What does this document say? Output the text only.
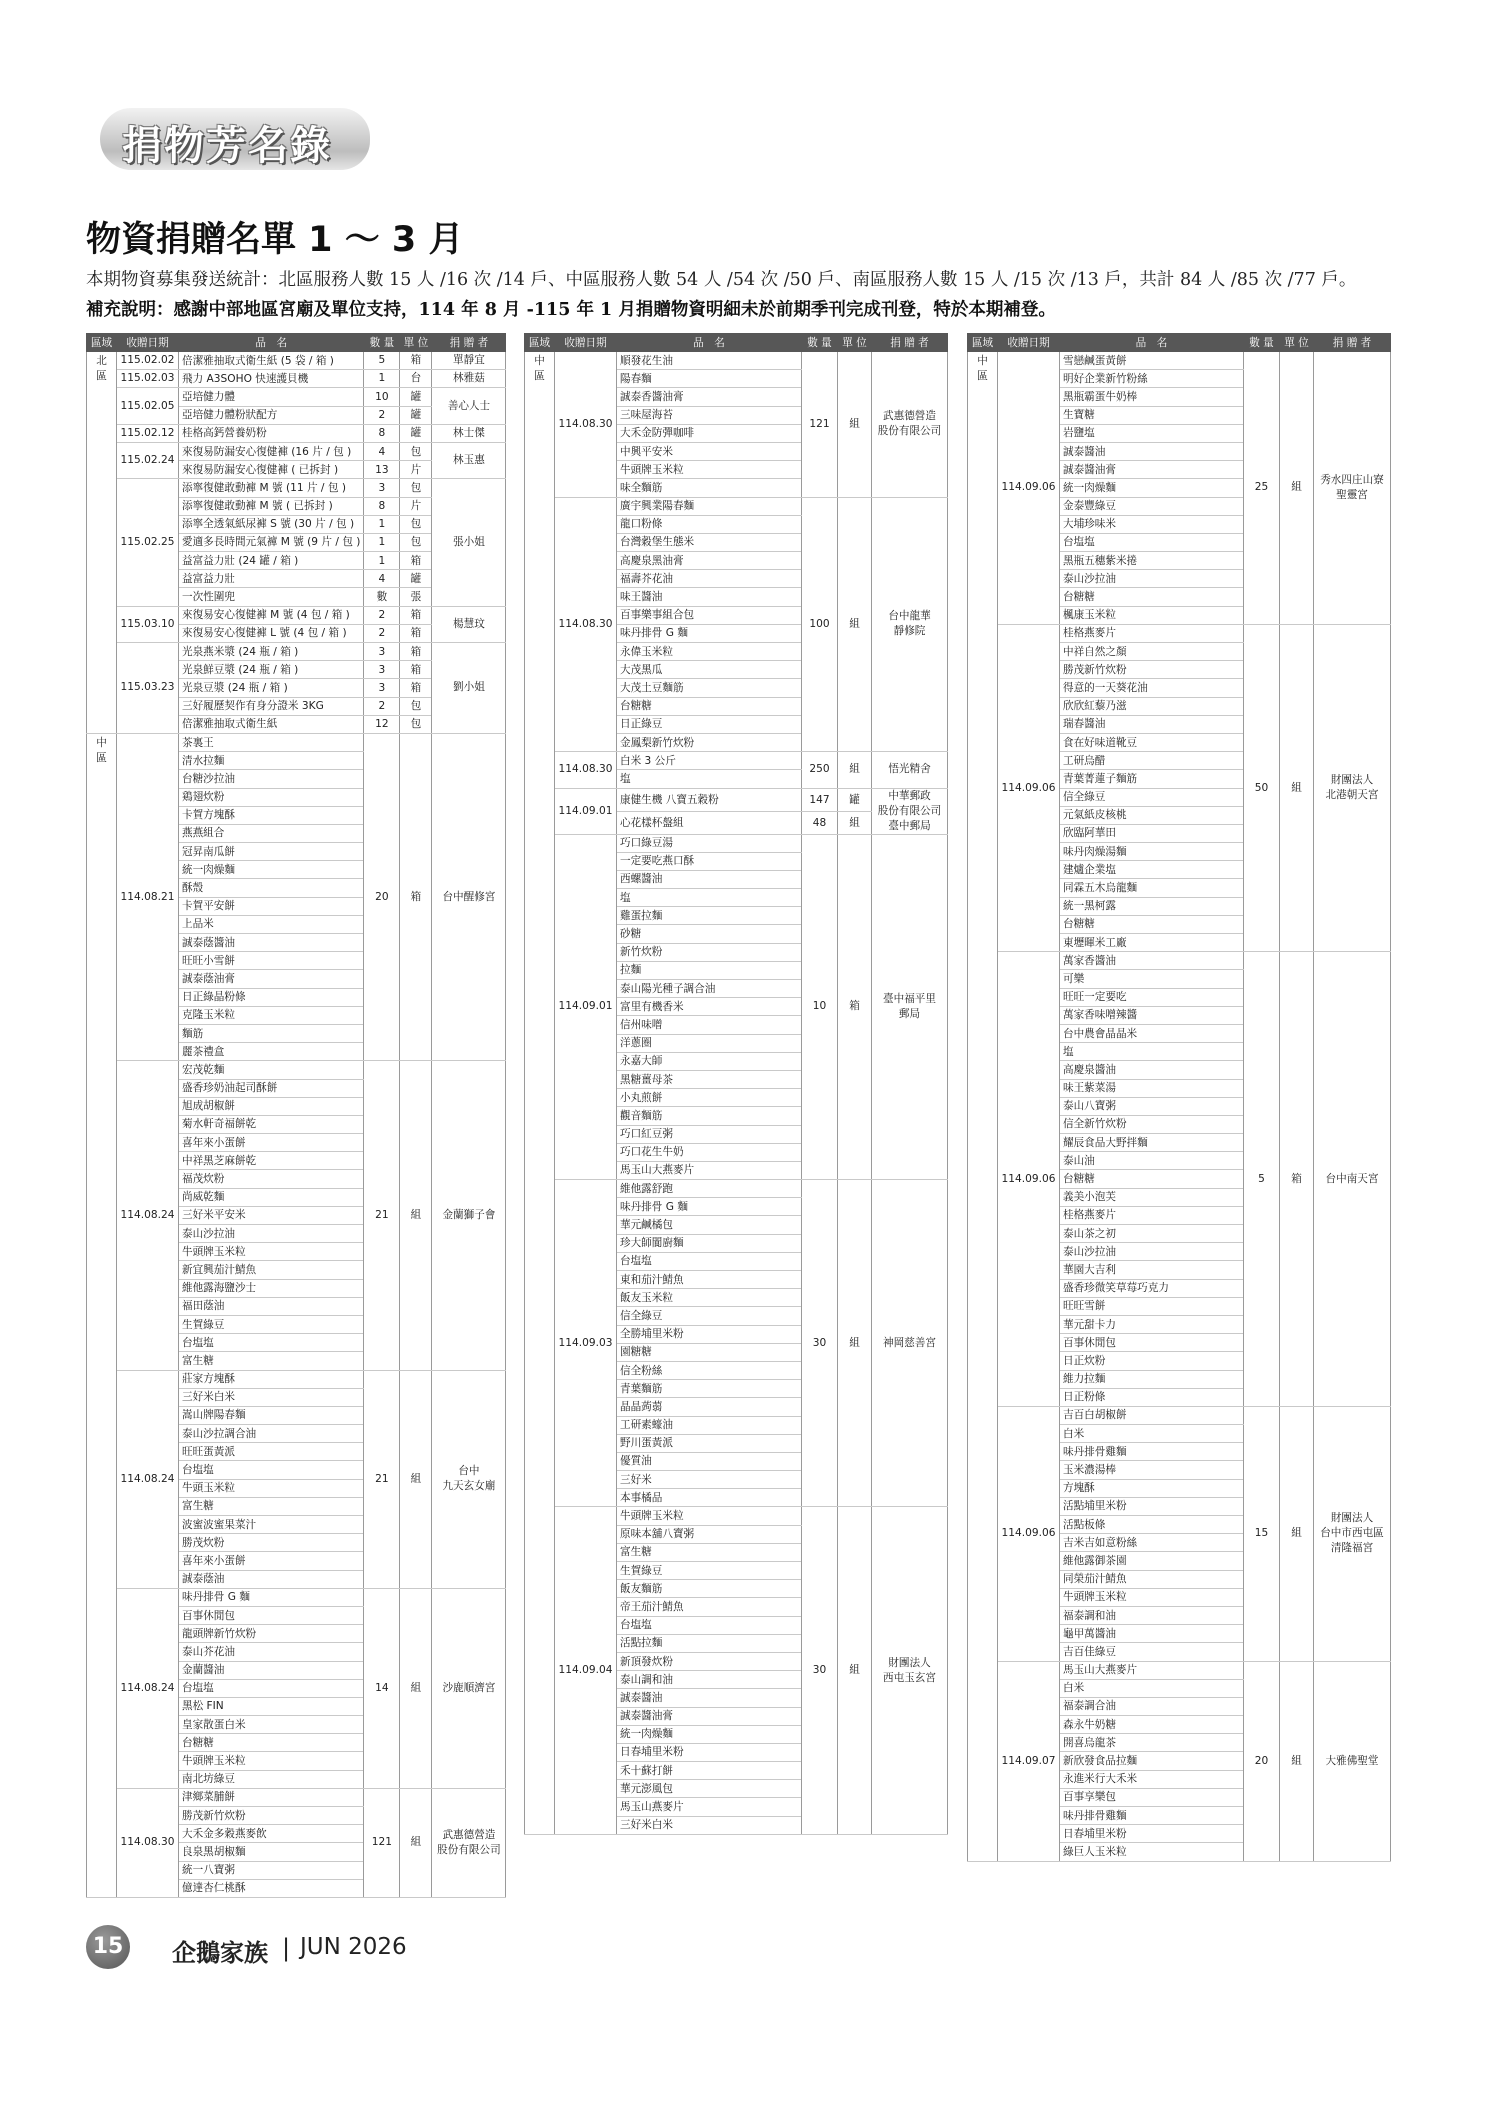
捐物芳名錄
物資捐贈名單 1 ～ 3 月
本期物資募集發送統計：北區服務人數 15 人 /16 次 /14 戶、中區服務人數 54 人 /54 次 /50 戶、南區服務人數 15 人 /15 次 /13 戶，共計 84 人 /85 次 /77 戶。
補充說明：感謝中部地區宮廟及單位支持，114 年 8 月 -115 年 1 月捐贈物資明細未於前期季刊完成刊登，特於本期補登。
區域	收贈日期	品　名	數 量	單 位	捐 贈 者
北
區	115.02.02	倍潔雅抽取式衛生紙 (5 袋 / 箱 )	5	箱	單靜宜
	115.02.03	飛力 A3SOHO 快速護貝機	1	台	林雅菇
	115.02.05	亞培健力體	10	罐	善心人士
		亞培健力體粉狀配方	2	罐	
	115.02.12	桂格高鈣營養奶粉	8	罐	林士傑
	115.02.24	來復易防漏安心復健褲 (16 片 / 包 )	4	包	林玉惠
		來復易防漏安心復健褲 ( 已拆封 )	13	片	
	115.02.25	添寧復健敢動褲 M 號 (11 片 / 包 )	3	包	張小姐
		添寧復健敢動褲 M 號 ( 已拆封 )	8	片	
		添寧全透氣紙尿褲 S 號 (30 片 / 包 )	1	包	
		愛適多長時間元氣褲 M 號 (9 片 / 包 )	1	包	
		益富益力壯 (24 罐 / 箱 )	1	箱	
		益富益力壯	4	罐	
		一次性圍兜	數	張	
	115.03.10	來復易安心復健褲 M 號 (4 包 / 箱 )	2	箱	楊慧玟
		來復易安心復健褲 L 號 (4 包 / 箱 )	2	箱	
	115.03.23	光泉燕米漿 (24 瓶 / 箱 )	3	箱	劉小姐
		光泉鮮豆漿 (24 瓶 / 箱 )	3	箱	
		光泉豆漿 (24 瓶 / 箱 )	3	箱	
		三好履歷契作有身分證米 3KG	2	包	
		倍潔雅抽取式衛生紙	12	包	
中
區	114.08.21	茶裏王	20	箱	台中醒修宮
		清水拉麵			
		台糖沙拉油			
		鶏翅炊粉			
		卡賀方塊酥			
		燕燕組合			
		冠昇南瓜餅			
		統一肉燥麵			
		酥殼			
		卡賀平安餅			
		上品米			
		誠泰蔭醬油			
		旺旺小雪餅			
		誠泰蔭油膏			
		日正綠晶粉條			
		克隆玉米粒			
		麵筋			
		麗茶禮盒			
	114.08.24	宏茂乾麵	21	組	金蘭獅子會
		盛香珍奶油起司酥餅			
		旭成胡椒餅			
		菊水軒奇福餅乾			
		喜年來小蛋餅			
		中祥黑芝麻餅乾			
		福茂炊粉			
		尚威乾麵			
		三好米平安米			
		泰山沙拉油			
		牛頭牌玉米粒			
		新宜興茄汁鯖魚			
		維他露海鹽沙士			
		福田蔭油			
		生賀綠豆			
		台塩塩			
		富生糖			
	114.08.24	莊家方塊酥	21	組	台中
九天玄女廟
		三好米白米			
		嵩山牌陽春麵			
		泰山沙拉調合油			
		旺旺蛋黃派			
		台塩塩			
		牛頭玉米粒			
		富生糖			
		波蜜波蜜果菜汁			
		勝茂炊粉			
		喜年來小蛋餅			
		誠泰蔭油			
	114.08.24	味丹排骨 G 麵	14	組	沙鹿順濟宮
		百事休閒包			
		龍頭牌新竹炊粉			
		泰山芥花油			
		金蘭醬油			
		台塩塩			
		黑松 FIN			
		皇家散蛋白米			
		台糖糖			
		牛頭牌玉米粒			
		南北坊綠豆			
	114.08.30	津鄉菜脯餅	121	組	武惠德營造
股份有限公司
		勝茂新竹炊粉			
		大禾金多穀燕麥飲			
		良泉黑胡椒麵			
		統一八寶粥			
		億達杏仁桃酥			
區域	收贈日期	品　名	數 量	單 位	捐 贈 者
中
區	114.08.30	順發花生油	121	組	武惠德營造
股份有限公司
		陽春麵			
		誠泰香醬油膏			
		三味屋海苔			
		大禾金防彈咖啡			
		中興平安米			
		牛頭牌玉米粒			
		味全麵筋			
	114.08.30	廣宇興業陽春麵	100	組	台中龍華
靜修院
		龍口粉條			
		台灣穀堡生態米			
		高慶泉黑油膏			
		福壽芥花油			
		味王醬油			
		百事樂事組合包			
		味丹排骨 G 麵			
		永偉玉米粒			
		大茂黑瓜			
		大茂土豆麵筋			
		台糖糖			
		日正綠豆			
		金鳳梨新竹炊粉			
	114.08.30	白米 3 公斤	250	組	悟光精舍
		塩			
	114.09.01	康健生機 八寶五穀粉	147	罐	中華郵政
股份有限公司
臺中郵局
		心花樣杯盤組	48	組	
	114.09.01	巧口綠豆湯	10	箱	臺中福平里
郵局
		一定要吃燕口酥			
		西螺醬油			
		塩			
		雞蛋拉麵			
		砂糖			
		新竹炊粉			
		拉麵			
		泰山陽光種子調合油			
		富里有機香米			
		信州味噌			
		洋蔥圈			
		永嘉大師			
		黑糖薑母茶			
		小丸煎餅			
		觀音麵筋			
		巧口紅豆粥			
		巧口花生牛奶			
		馬玉山大燕麥片			
	114.09.03	維他露舒跑	30	組	神岡慈善宮
		味丹排骨 G 麵			
		華元鹹橘包			
		珍大師閬廚麵			
		台塩塩			
		東和茄汁鯖魚			
		飯友玉米粒			
		信全綠豆			
		全勝埔里米粉			
		園糖糖			
		信全粉絲			
		青葉麵筋			
		晶晶蒟蒻			
		工研素蠔油			
		野川蛋黃派			
		優質油			
		三好米			
		本事橘品			
	114.09.04	牛頭牌玉米粒	30	組	財團法人
西屯玉玄宮
		原味本舖八寶粥			
		富生糖			
		生賀綠豆			
		飯友麵筋			
		帝王茄汁鯖魚			
		台塩塩			
		活點拉麵			
		新頂發炊粉			
		泰山調和油			
		誠泰醬油			
		誠泰醬油膏			
		統一肉燥麵			
		日春埔里米粉			
		禾十蘇打餅			
		華元澎風包			
		馬玉山燕麥片			
		三好米白米			
區域	收贈日期	品　名	數 量	單 位	捐 贈 者
中
區	114.09.06	雪戀鹹蛋黃餅	25	組	秀水四庄山寮
聖靈宮
		明好企業新竹粉絲			
		黑瓶霸蛋牛奶棒			
		生寶糖			
		岩鹽塩			
		誠泰醬油			
		誠泰醬油膏			
		統一肉燥麵			
		金泰豐綠豆			
		大埔珍味米			
		台塩塩			
		黑瓶五穗紫米捲			
		泰山沙拉油			
		台糖糖			
		楓康玉米粒			
	114.09.06	桂格燕麥片	50	組	財團法人
北港朝天宮
		中祥自然之顏			
		勝茂新竹炊粉			
		得意的一天葵花油			
		欣欣紅藜乃滋			
		瑞春醬油			
		食在好味道靴豆			
		工研烏醋			
		青葉菁蓮子麵筋			
		信全綠豆			
		元氣紙皮核桃			
		欣臨阿華田			
		味丹肉燥湯麵			
		建爐企業塩			
		同霖五木烏龍麵			
		統一黑柯露			
		台糖糖			
		東壢暉米工廠			
	114.09.06	萬家香醬油	5	箱	台中南天宮
		可樂			
		旺旺一定要吃			
		萬家香味噌辣醬			
		台中農會晶晶米			
		塩			
		高慶泉醬油			
		味王紫菜湯			
		泰山八寶粥			
		信全新竹炊粉			
		耀辰食品大野拌麵			
		泰山油			
		台糖糖			
		義美小泡芙			
		桂格燕麥片			
		泰山茶之初			
		泰山沙拉油			
		華園大吉利			
		盛香珍微笑草莓巧克力			
		旺旺雪餅			
		華元甜卡力			
		百事休閒包			
		日正炊粉			
		維力拉麵			
		日正粉條			
	114.09.06	吉百白胡椒餅	15	組	財團法人
台中市西屯區
清隆福宮
		白米			
		味丹排骨雞麵			
		玉米濃湯棒			
		方塊酥			
		活點埔里米粉			
		活點板條			
		吉米吉如意粉絲			
		維他露御茶園			
		同榮茄汁鯖魚			
		牛頭牌玉米粒			
		福泰調和油			
		龜甲萬醬油			
		吉百佳綠豆			
	114.09.07	馬玉山大燕麥片	20	組	大雅佛聖堂
		白米			
		福泰調合油			
		森永牛奶糖			
		開喜烏龍茶			
		新欣發食品拉麵			
		永進米行大禾米			
		百事享樂包			
		味丹排骨雞麵			
		日春埔里米粉			
		綠巨人玉米粒			
15 企鵝家族 | JUN 2026
